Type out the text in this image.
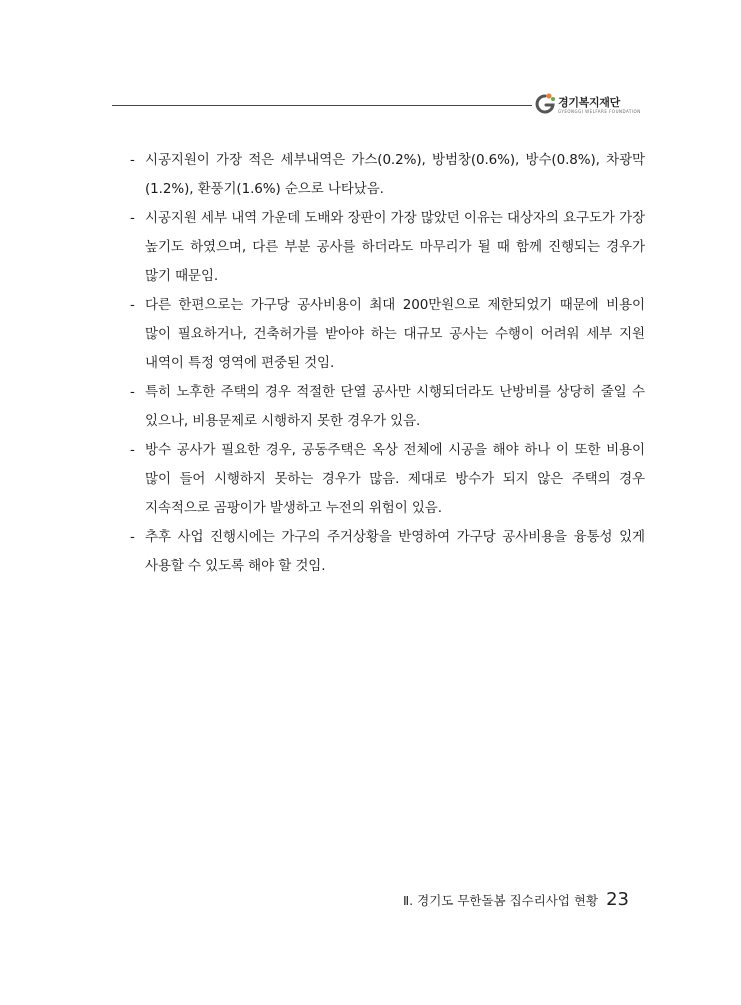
경기복지재단
GYEONGGI WELFARE FOUNDATION
- 시공지원이 가장 적은 세부내역은 가스(0.2%), 방범창(0.6%), 방수(0.8%), 차광막(1.2%), 환풍기(1.6%) 순으로 나타났음.
- 시공지원 세부 내역 가운데 도배와 장판이 가장 많았던 이유는 대상자의 요구도가 가장 높기도 하였으며, 다른 부분 공사를 하더라도 마무리가 될 때 함께 진행되는 경우가 많기 때문임.
- 다른 한편으로는 가구당 공사비용이 최대 200만원으로 제한되었기 때문에 비용이 많이 필요하거나, 건축허가를 받아야 하는 대규모 공사는 수행이 어려워 세부 지원 내역이 특정 영역에 편중된 것임.
- 특히 노후한 주택의 경우 적절한 단열 공사만 시행되더라도 난방비를 상당히 줄일 수 있으나, 비용문제로 시행하지 못한 경우가 있음.
- 방수 공사가 필요한 경우, 공동주택은 옥상 전체에 시공을 해야 하나 이 또한 비용이 많이 들어 시행하지 못하는 경우가 많음. 제대로 방수가 되지 않은 주택의 경우 지속적으로 곰팡이가 발생하고 누전의 위험이 있음.
- 추후 사업 진행시에는 가구의 주거상황을 반영하여 가구당 공사비용을 융통성 있게 사용할 수 있도록 해야 할 것임.
Ⅱ. 경기도 무한돌봄 집수리사업 현황 23
